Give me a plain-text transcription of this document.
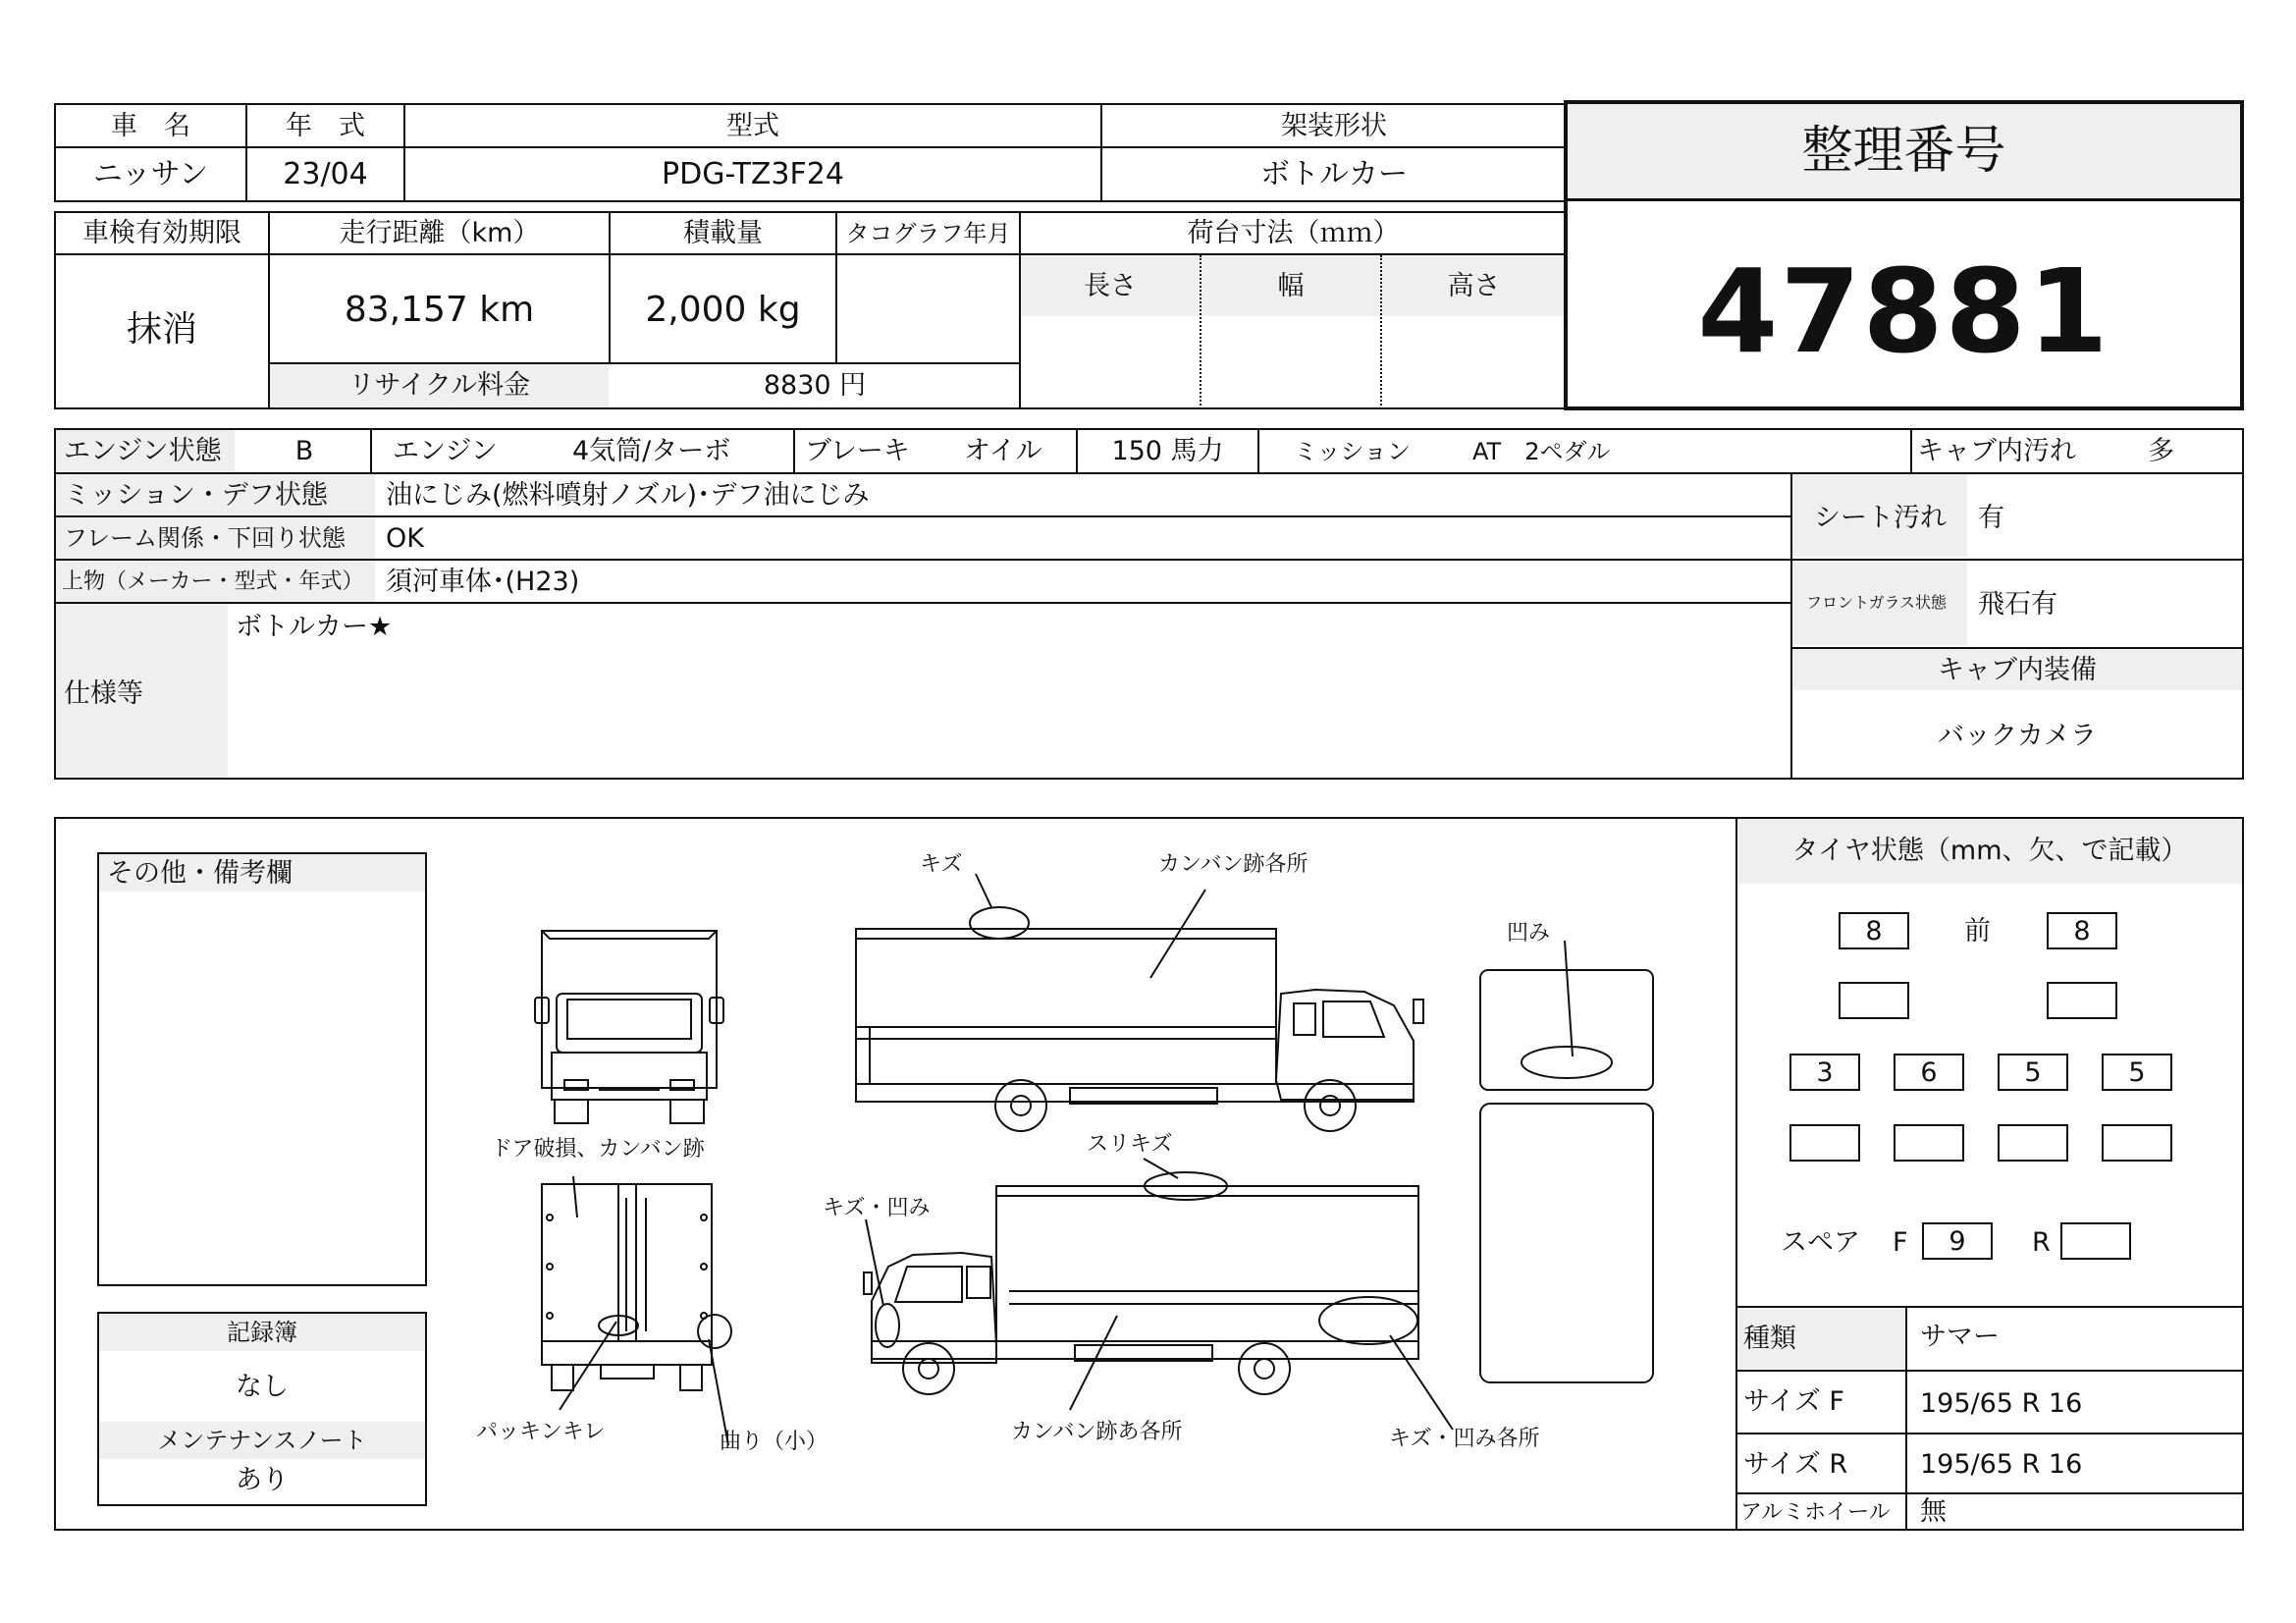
車　名	年　式	型式	架装形状
ニッサン	23/04	PDG-TZ3F24	ボトルカー
車検有効期限	走行距離（km）	積載量	タコグラフ年月	荷台寸法（ｍｍ）
長さ	幅	高さ
抹消	83,157 km	2,000 kg
リサイクル料金	8830 円
整理番号
47881
エンジン状態	B	エンジン	4気筒/ターボ	ブレーキ オイル	150 馬力	ミッション	AT　2ペダル	キャブ内汚れ	多
ミッション・デフ状態 油にじみ(燃料噴射ノズル)･デフ油にじみ
フレーム関係・下回り状態 OK
上物（メーカー・型式・年式） 須河車体･(H23)
仕様等
ボトルカー★
シート汚れ 有
フロントガラス状態 飛石有
キャブ内装備
バックカメラ
その他・備考欄
記録簿
なし
メンテナンスノート
あり
キズ	カンバン跡各所
凹み
ドア破損、カンバン跡	スリキズ
キズ・凹み
パッキンキレ	曲り（小）	カンバン跡あ各所	キズ・凹み各所
タイヤ状態（mm、欠、で記載）
8	前	8
3	6	5	5
スペア F	9	R
種類	サマー
サイズ F	195/65 R 16
サイズ R	195/65 R 16
アルミホイール 無
